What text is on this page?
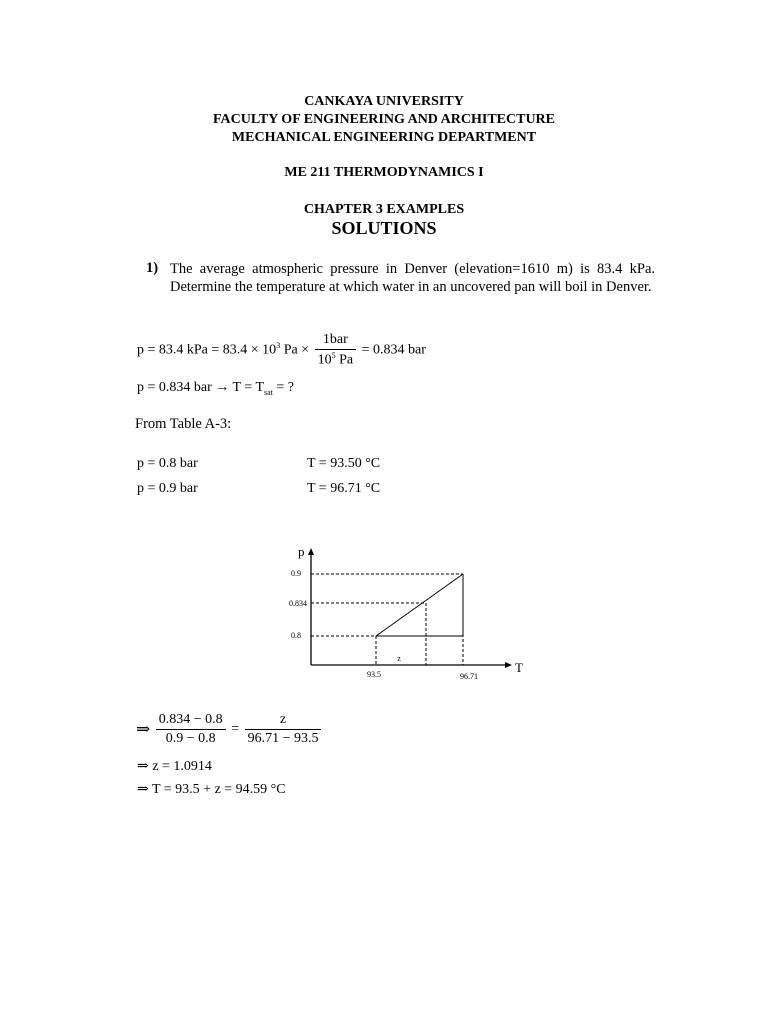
CANKAYA UNIVERSITY
FACULTY OF ENGINEERING AND ARCHITECTURE
MECHANICAL ENGINEERING DEPARTMENT
ME 211 THERMODYNAMICS I
CHAPTER 3 EXAMPLES
SOLUTIONS
1) The average atmospheric pressure in Denver (elevation=1610 m) is 83.4 kPa. Determine the temperature at which water in an uncovered pan will boil in Denver.
p = 83.4 kPa = $83.4 \times 10^3$ $Pa \times \frac{\text{1bar}}{10^5 Pa} = 0.834$ bar
p = 0.834 bar → $T = T_{sat}$ = ?
From Table A-3:
p = 0.8 bar	T = 93.50 °C
p = 0.9 bar	T = 96.71 °C
p
T
0.9
0.834
0.8
93.5	96.71
z
⇒ $\frac{0.834 - 0.8}{0.9 - 0.8} = \frac{z}{96.71 - 93.5}$
⇒ z = 1.0914
⇒ T = 93.5 + z = 94.59 °C
